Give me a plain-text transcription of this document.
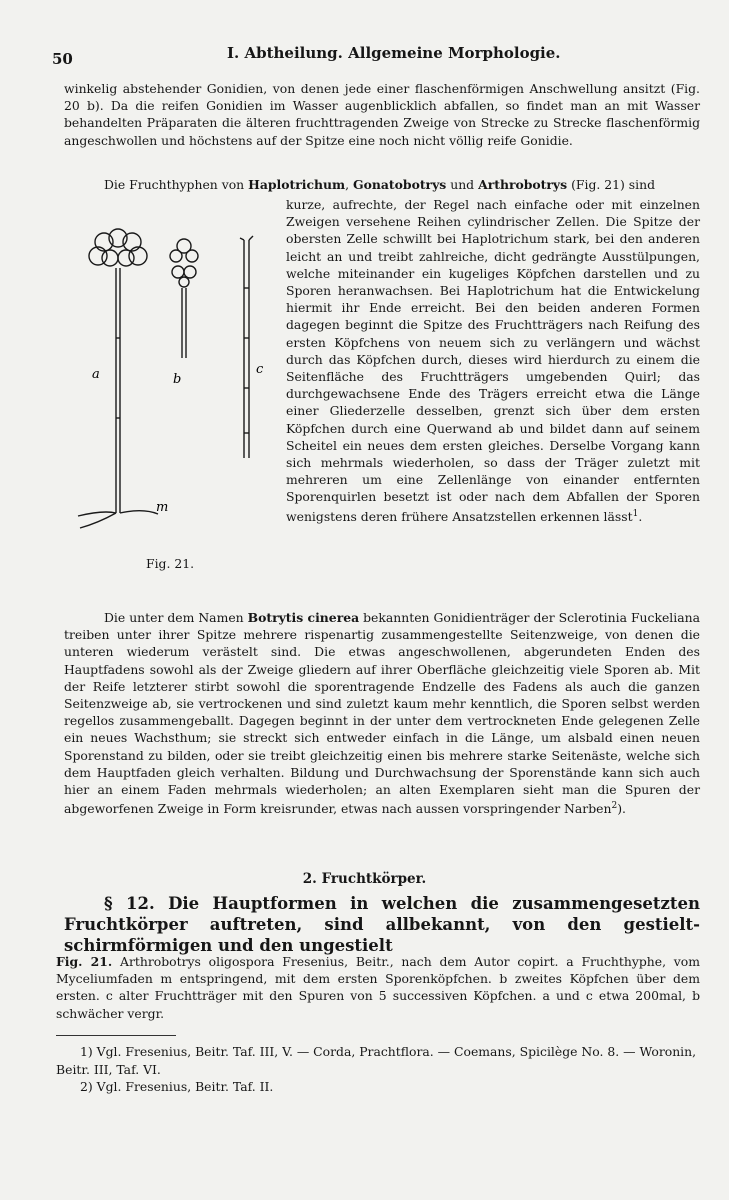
50	I. Abtheilung. Allgemeine Morphologie.

winkelig abstehender Gonidien, von denen jede einer flaschenförmigen Anschwellung ansitzt (Fig. 20 b). Da die reifen Gonidien im Wasser augenblicklich abfallen, so findet man an mit Wasser behandelten Präparaten die älteren fruchttragenden Zweige von Strecke zu Strecke flaschenförmig angeschwollen und höchstens auf der Spitze eine noch nicht völlig reife Gonidie.

Die Fruchthyphen von Haplotrichum, Gonatobotrys und Arthrobotrys (Fig. 21) sind

kurze, aufrechte, der Regel nach einfache oder mit einzelnen Zweigen versehene Reihen cylindrischer Zellen. Die Spitze der obersten Zelle schwillt bei Haplotrichum stark, bei den anderen leicht an und treibt zahlreiche, dicht gedrängte Ausstülpungen, welche miteinander ein kugeliges Köpfchen darstellen und zu Sporen heranwachsen. Bei Haplotrichum hat die Entwickelung hiermit ihr Ende erreicht. Bei den beiden anderen Formen dagegen beginnt die Spitze des Fruchtträgers nach Reifung des ersten Köpfchens von neuem sich zu verlängern und wächst durch das Köpfchen durch, dieses wird hierdurch zu einem die Seitenfläche des Fruchtträgers umgebenden Quirl; das durchgewachsene Ende des Trägers erreicht etwa die Länge einer Gliederzelle desselben, grenzt sich über dem ersten Köpfchen durch eine Querwand ab und bildet dann auf seinem Scheitel ein neues dem ersten gleiches. Derselbe Vorgang kann sich mehrmals wiederholen, so dass der Träger zuletzt mit mehreren um eine Zellenlänge von einander entfernten Sporenquirlen besetzt ist oder nach dem Abfallen der Sporen wenigstens deren frühere Ansatzstellen erkennen lässt$^1$.

a	b
c
m
Fig. 21.

Die unter dem Namen Botrytis cinerea bekannten Gonidienträger der Sclerotinia Fuckeliana treiben unter ihrer Spitze mehrere rispenartig zusammengestellte Seitenzweige, von denen die unteren wiederum verästelt sind. Die etwas angeschwollenen, abgerundeten Enden des Hauptfadens sowohl als der Zweige gliedern auf ihrer Oberfläche gleichzeitig viele Sporen ab. Mit der Reife letzterer stirbt sowohl die sporentragende Endzelle des Fadens als auch die ganzen Seitenzweige ab, sie vertrockenen und sind zuletzt kaum mehr kenntlich, die Sporen selbst werden regellos zusammengeballt. Dagegen beginnt in der unter dem vertrockneten Ende gelegenen Zelle ein neues Wachsthum; sie streckt sich entweder einfach in die Länge, um alsbald einen neuen Sporenstand zu bilden, oder sie treibt gleichzeitig einen bis mehrere starke Seitenäste, welche sich dem Hauptfaden gleich verhalten. Bildung und Durchwachsung der Sporenstände kann sich auch hier an einem Faden mehrmals wiederholen; an alten Exemplaren sieht man die Spuren der abgeworfenen Zweige in Form kreisrunder, etwas nach aussen vorspringender Narben$^2$).

2. Fruchtkörper.
§ 12. Die Hauptformen in welchen die zusammengesetzten Fruchtkörper auftreten, sind allbekannt, von den gestielt-schirmförmigen und den ungestielt
Fig. 21. Arthrobotrys oligospora Fresenius, Beitr., nach dem Autor copirt. a Fruchthyphe, vom Myceliumfaden m entspringend, mit dem ersten Sporenköpfchen. b zweites Köpfchen über dem ersten. c alter Fruchtträger mit den Spuren von 5 successiven Köpfchen. a und c etwa 200mal, b schwächer vergr.

1) Vgl. Fresenius, Beitr. Taf. III, V. — Corda, Prachtflora. — Coemans, Spicilège No. 8. — Woronin, Beitr. III, Taf. VI.

2) Vgl. Fresenius, Beitr. Taf. II.
